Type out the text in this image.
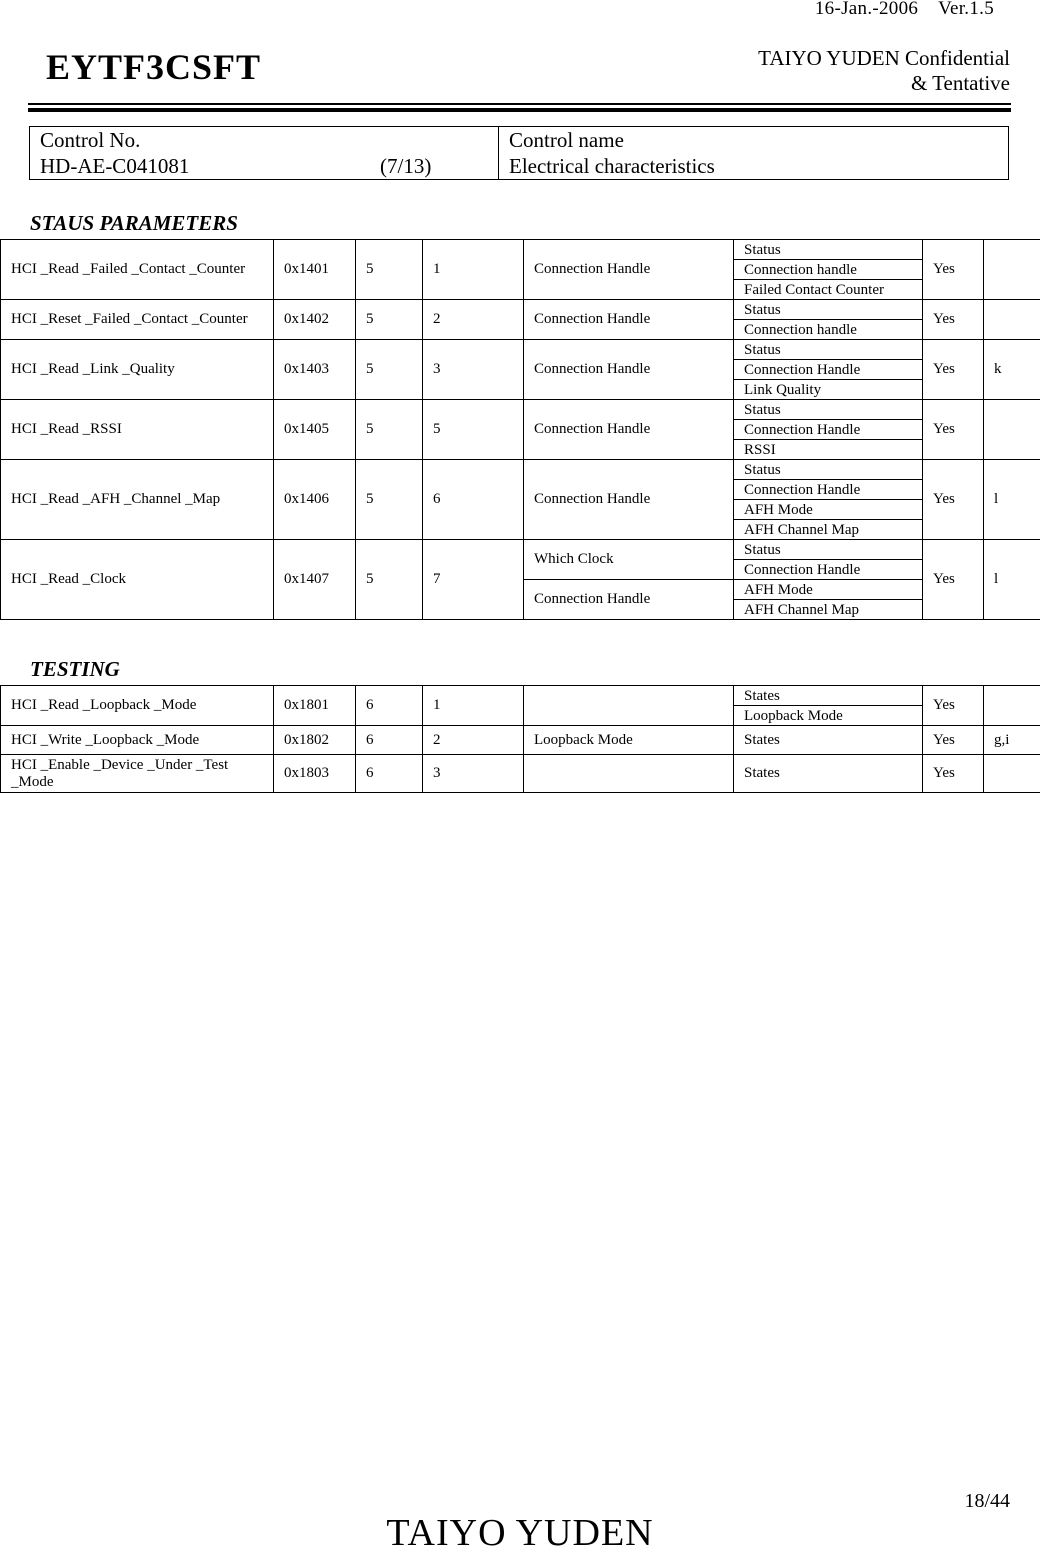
16-Jan.-2006    Ver.1.5
EYTF3CSFT	TAIYO YUDEN Confidential
& Tentative
Control No.
HD-AE-C041081	(7/13)

Control name
Electrical characteristics
STAUS PARAMETERS
HCI _Read _Failed _Contact _Counter	0x1401	5	1	Connection Handle	Status	Yes	
					Connection handle		
					Failed Contact Counter		
HCI _Reset _Failed _Contact _Counter	0x1402	5	2	Connection Handle	Status	Yes	
					Connection handle		
HCI _Read _Link _Quality	0x1403	5	3	Connection Handle	Status	Yes	k
					Connection Handle		
					Link Quality		
HCI _Read _RSSI	0x1405	5	5	Connection Handle	Status	Yes	
					Connection Handle		
					RSSI		
HCI _Read _AFH _Channel _Map	0x1406	5	6	Connection Handle	Status	Yes	l
					Connection Handle		
					AFH Mode		
					AFH Channel Map		
HCI _Read _Clock	0x1407	5	7	Which Clock	Status	Yes	l
					Connection Handle		
				Connection Handle	AFH Mode		
					AFH Channel Map		
TESTING
HCI _Read _Loopback _Mode	0x1801	6	1		States	Yes	
					Loopback Mode		
HCI _Write _Loopback _Mode	0x1802	6	2	Loopback Mode	States	Yes	g,i
HCI _Enable _Device _Under _Test _Mode	0x1803	6	3		States	Yes	
18/44
TAIYO YUDEN
